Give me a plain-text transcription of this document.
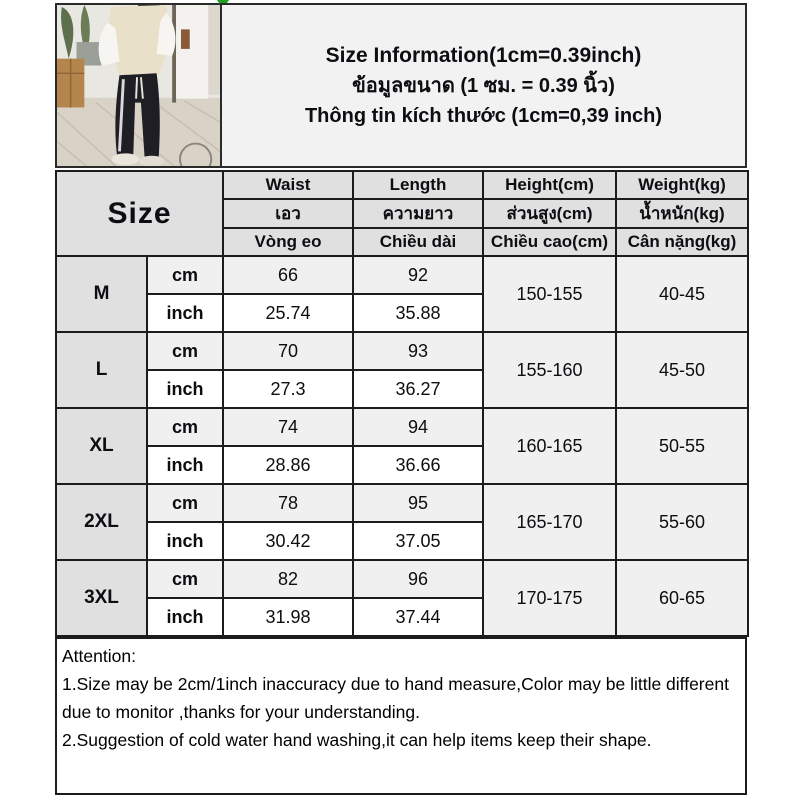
Size Information(1cm=0.39inch)
ข้อมูลขนาด (1 ซม. = 0.39 นิ้ว)
Thông tin kích thước (1cm=0,39 inch)
Size		Waist	Length	Height(cm)	Weight(kg)
		เอว	ความยาว	ส่วนสูง(cm)	น้ำหนัก(kg)
		Vòng eo	Chiều dài	Chiều cao(cm)	Cân nặng(kg)
M	cm	66	92	150-155	40-45
	inch	25.74	35.88		
L	cm	70	93	155-160	45-50
	inch	27.3	36.27		
XL	cm	74	94	160-165	50-55
	inch	28.86	36.66		
2XL	cm	78	95	165-170	55-60
	inch	30.42	37.05		
3XL	cm	82	96	170-175	60-65
	inch	31.98	37.44		

Attention:

1.Size may be 2cm/1inch inaccuracy due to hand measure,Color may be little different due to monitor ,thanks for your understanding.

2.Suggestion of cold water hand washing,it can help items keep their shape.
